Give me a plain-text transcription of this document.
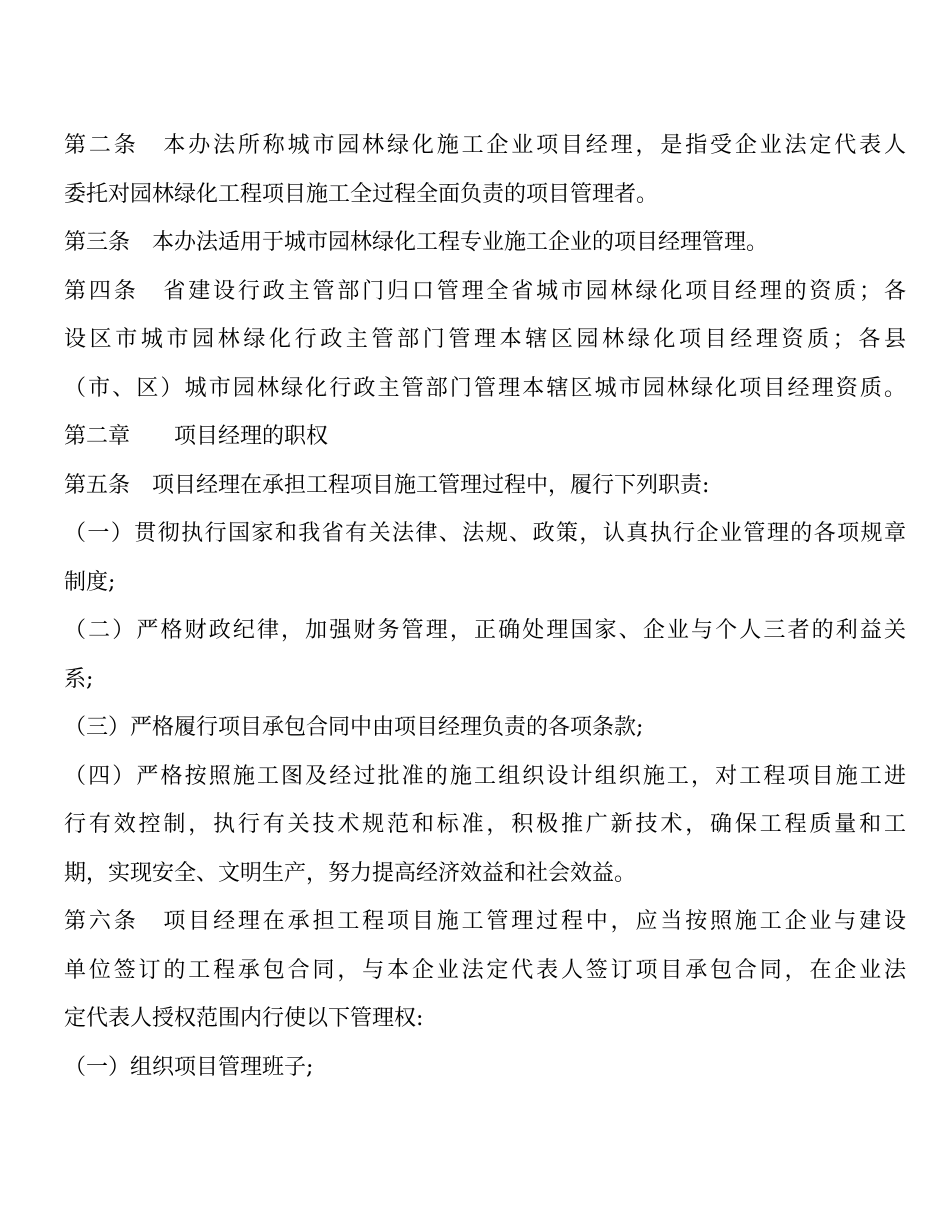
第二条 本办法所称城市园林绿化施工企业项目经理，是指受企业法定代表人
委托对园林绿化工程项目施工全过程全面负责的项目管理者。
第三条 本办法适用于城市园林绿化工程专业施工企业的项目经理管理。
第四条 省建设行政主管部门归口管理全省城市园林绿化项目经理的资质；各
设区市城市园林绿化行政主管部门管理本辖区园林绿化项目经理资质；各县
（市、区）城市园林绿化行政主管部门管理本辖区城市园林绿化项目经理资质。
第二章 项目经理的职权
第五条 项目经理在承担工程项目施工管理过程中，履行下列职责:
（一）贯彻执行国家和我省有关法律、法规、政策，认真执行企业管理的各项规章
制度;
（二）严格财政纪律，加强财务管理，正确处理国家、企业与个人三者的利益关
系;
（三）严格履行项目承包合同中由项目经理负责的各项条款;
（四）严格按照施工图及经过批准的施工组织设计组织施工，对工程项目施工进
行有效控制，执行有关技术规范和标准，积极推广新技术，确保工程质量和工
期，实现安全、文明生产，努力提高经济效益和社会效益。
第六条 项目经理在承担工程项目施工管理过程中，应当按照施工企业与建设
单位签订的工程承包合同，与本企业法定代表人签订项目承包合同，在企业法
定代表人授权范围内行使以下管理权:
（一）组织项目管理班子;
